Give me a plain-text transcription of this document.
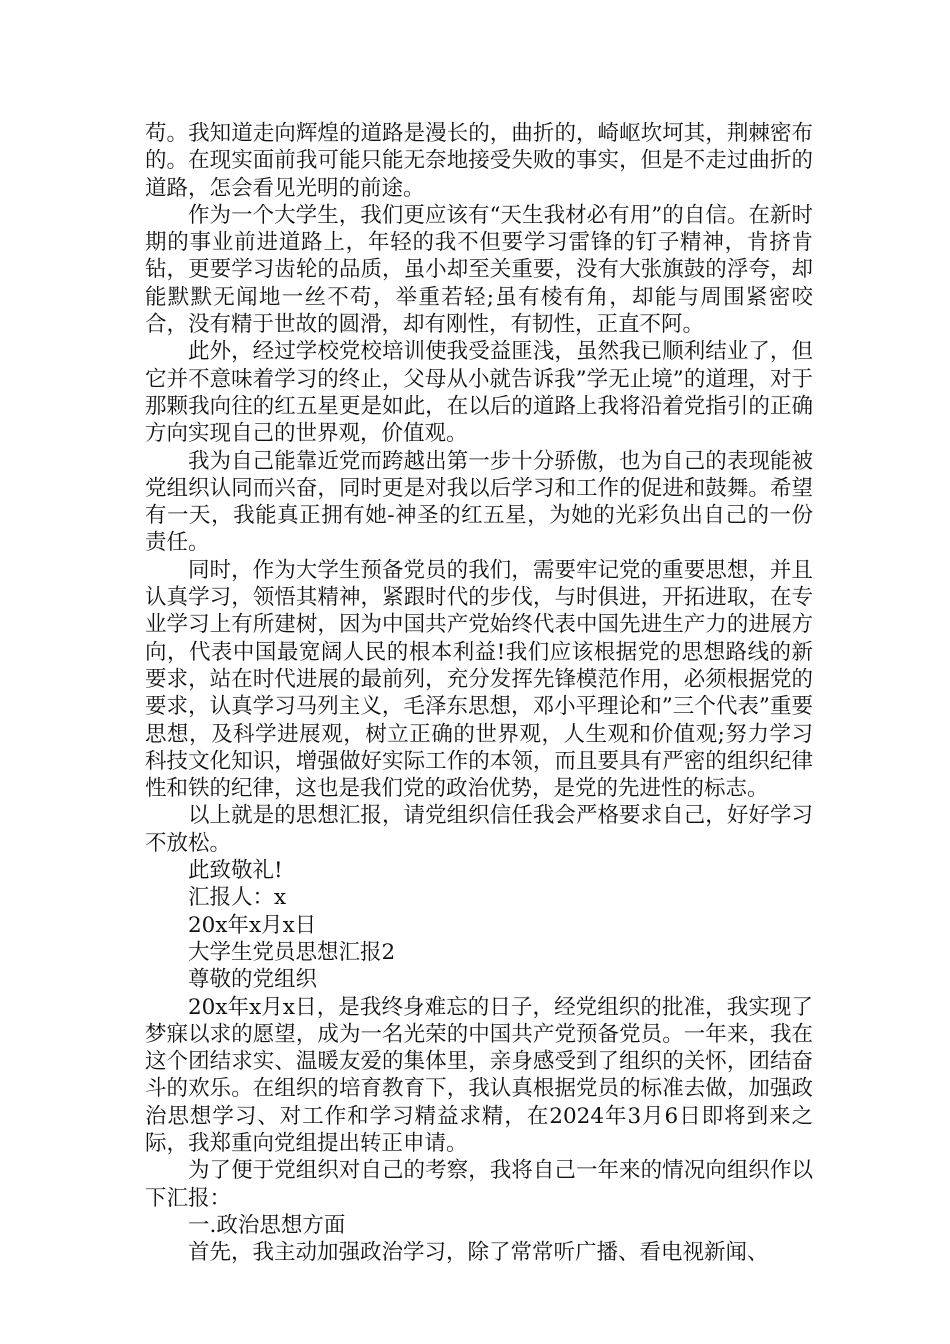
苟。我知道走向辉煌的道路是漫长的，曲折的，崎岖坎坷其，荆棘密布的。在现实面前我可能只能无奈地接受失败的事实，但是不走过曲折的道路，怎会看见光明的前途。

作为一个大学生，我们更应该有“天生我材必有用”的自信。在新时期的事业前进道路上，年轻的我不但要学习雷锋的钉子精神，肯挤肯钻，更要学习齿轮的品质，虽小却至关重要，没有大张旗鼓的浮夸，却能默默无闻地一丝不苟，举重若轻;虽有棱有角，却能与周围紧密咬合，没有精于世故的圆滑，却有刚性，有韧性，正直不阿。

此外，经过学校党校培训使我受益匪浅，虽然我已顺利结业了，但它并不意味着学习的终止，父母从小就告诉我”学无止境”的道理，对于那颗我向往的红五星更是如此，在以后的道路上我将沿着党指引的正确方向实现自己的世界观，价值观。

我为自己能靠近党而跨越出第一步十分骄傲，也为自己的表现能被党组织认同而兴奋，同时更是对我以后学习和工作的促进和鼓舞。希望有一天，我能真正拥有她-神圣的红五星，为她的光彩负出自己的一份责任。

同时，作为大学生预备党员的我们，需要牢记党的重要思想，并且认真学习，领悟其精神，紧跟时代的步伐，与时俱进，开拓进取，在专业学习上有所建树，因为中国共产党始终代表中国先进生产力的进展方向，代表中国最宽阔人民的根本利益!我们应该根据党的思想路线的新要求，站在时代进展的最前列，充分发挥先锋模范作用，必须根据党的要求，认真学习马列主义，毛泽东思想，邓小平理论和”三个代表”重要思想，及科学进展观，树立正确的世界观，人生观和价值观;努力学习科技文化知识，增强做好实际工作的本领，而且要具有严密的组织纪律性和铁的纪律，这也是我们党的政治优势，是党的先进性的标志。

以上就是的思想汇报，请党组织信任我会严格要求自己，好好学习不放松。

此致敬礼!

汇报人：x

20x年x月x日

大学生党员思想汇报2

尊敬的党组织

20x年x月x日，是我终身难忘的日子，经党组织的批准，我实现了梦寐以求的愿望，成为一名光荣的中国共产党预备党员。一年来，我在这个团结求实、温暖友爱的集体里，亲身感受到了组织的关怀，团结奋斗的欢乐。在组织的培育教育下，我认真根据党员的标准去做，加强政治思想学习、对工作和学习精益求精，在2024年3月6日即将到来之际，我郑重向党组提出转正申请。

为了便于党组织对自己的考察，我将自己一年来的情况向组织作以下汇报：

一.政治思想方面

首先，我主动加强政治学习，除了常常听广播、看电视新闻、
